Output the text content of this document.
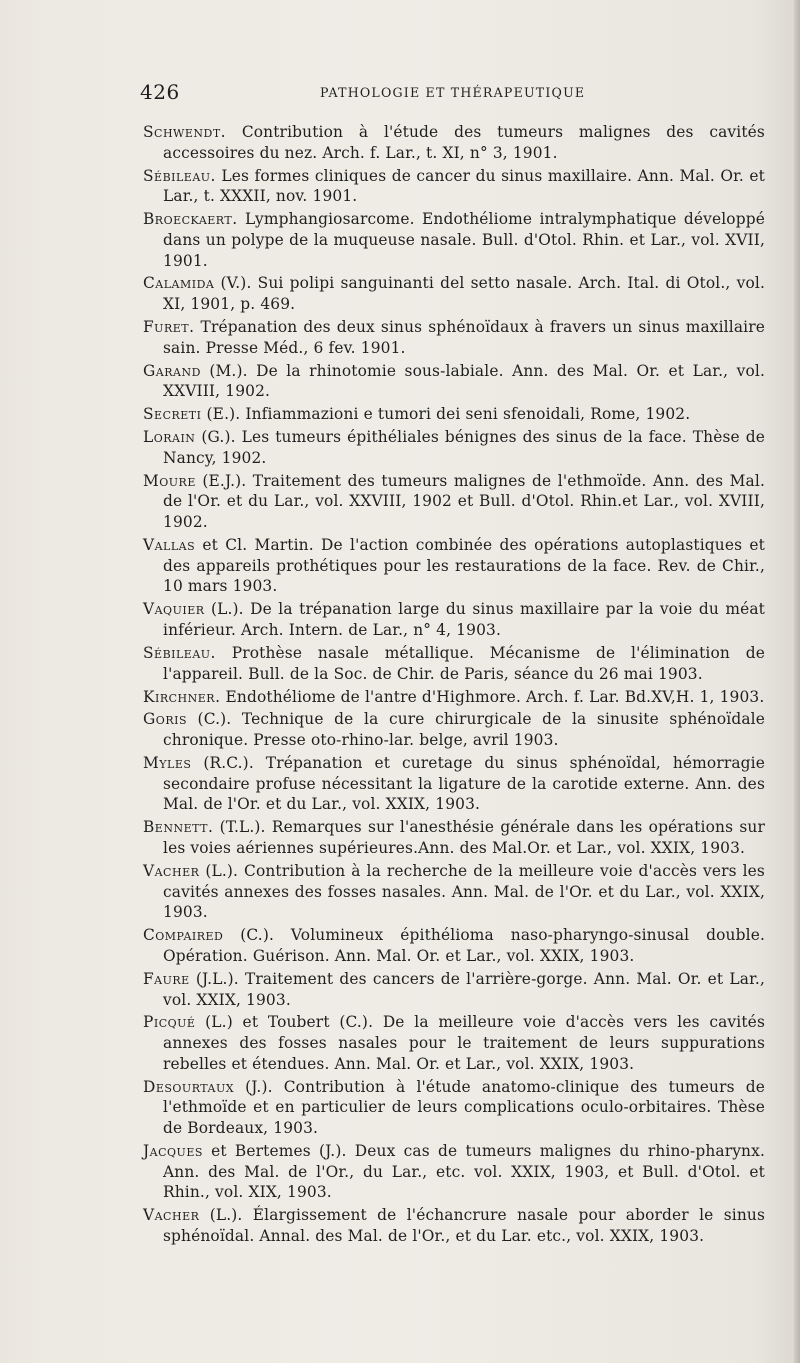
426	PATHOLOGIE ET THÉRAPEUTIQUE

Schwendt. Contribution à l'étude des tumeurs malignes des cavités accessoires du nez. Arch. f. Lar., t. XI, n° 3, 1901.

Sébileau. Les formes cliniques de cancer du sinus maxillaire. Ann. Mal. Or. et Lar., t. XXXII, nov. 1901.

Broeckaert. Lymphangiosarcome. Endothéliome intralymphatique développé dans un polype de la muqueuse nasale. Bull. d'Otol. Rhin. et Lar., vol. XVII, 1901.

Calamida (V.). Sui polipi sanguinanti del setto nasale. Arch. Ital. di Otol., vol. XI, 1901, p. 469.

Furet. Trépanation des deux sinus sphénoïdaux à fravers un sinus maxillaire sain. Presse Méd., 6 fev. 1901.

Garand (M.). De la rhinotomie sous-labiale. Ann. des Mal. Or. et Lar., vol. XXVIII, 1902.

Secreti (E.). Infiammazioni e tumori dei seni sfenoidali, Rome, 1902.

Lorain (G.). Les tumeurs épithéliales bénignes des sinus de la face. Thèse de Nancy, 1902.

Moure (E.J.). Traitement des tumeurs malignes de l'ethmoïde. Ann. des Mal. de l'Or. et du Lar., vol. XXVIII, 1902 et Bull. d'Otol. Rhin.et Lar., vol. XVIII, 1902.

Vallas et Cl. Martin. De l'action combinée des opérations autoplastiques et des appareils prothétiques pour les restaurations de la face. Rev. de Chir., 10 mars 1903.

Vaquier (L.). De la trépanation large du sinus maxillaire par la voie du méat inférieur. Arch. Intern. de Lar., n° 4, 1903.

Sébileau. Prothèse nasale métallique. Mécanisme de l'élimination de l'appareil. Bull. de la Soc. de Chir. de Paris, séance du 26 mai 1903.

Kirchner. Endothéliome de l'antre d'Highmore. Arch. f. Lar. Bd.XV,H. 1, 1903.

Goris (C.). Technique de la cure chirurgicale de la sinusite sphénoïdale chronique. Presse oto-rhino-lar. belge, avril 1903.

Myles (R.C.). Trépanation et curetage du sinus sphénoïdal, hémorragie secondaire profuse nécessitant la ligature de la carotide externe. Ann. des Mal. de l'Or. et du Lar., vol. XXIX, 1903.

Bennett. (T.L.). Remarques sur l'anesthésie générale dans les opérations sur les voies aériennes supérieures.Ann. des Mal.Or. et Lar., vol. XXIX, 1903.

Vacher (L.). Contribution à la recherche de la meilleure voie d'accès vers les cavités annexes des fosses nasales. Ann. Mal. de l'Or. et du Lar., vol. XXIX, 1903.

Compaired (C.). Volumineux épithélioma naso-pharyngo-sinusal double. Opération. Guérison. Ann. Mal. Or. et Lar., vol. XXIX, 1903.

Faure (J.L.). Traitement des cancers de l'arrière-gorge. Ann. Mal. Or. et Lar., vol. XXIX, 1903.

Picqué (L.) et Toubert (C.). De la meilleure voie d'accès vers les cavités annexes des fosses nasales pour le traitement de leurs suppurations rebelles et étendues. Ann. Mal. Or. et Lar., vol. XXIX, 1903.

Desourtaux (J.). Contribution à l'étude anatomo-clinique des tumeurs de l'ethmoïde et en particulier de leurs complications oculo-orbitaires. Thèse de Bordeaux, 1903.

Jacques et Bertemes (J.). Deux cas de tumeurs malignes du rhino-pharynx. Ann. des Mal. de l'Or., du Lar., etc. vol. XXIX, 1903, et Bull. d'Otol. et Rhin., vol. XIX, 1903.

Vacher (L.). Élargissement de l'échancrure nasale pour aborder le sinus sphénoïdal. Annal. des Mal. de l'Or., et du Lar. etc., vol. XXIX, 1903.
